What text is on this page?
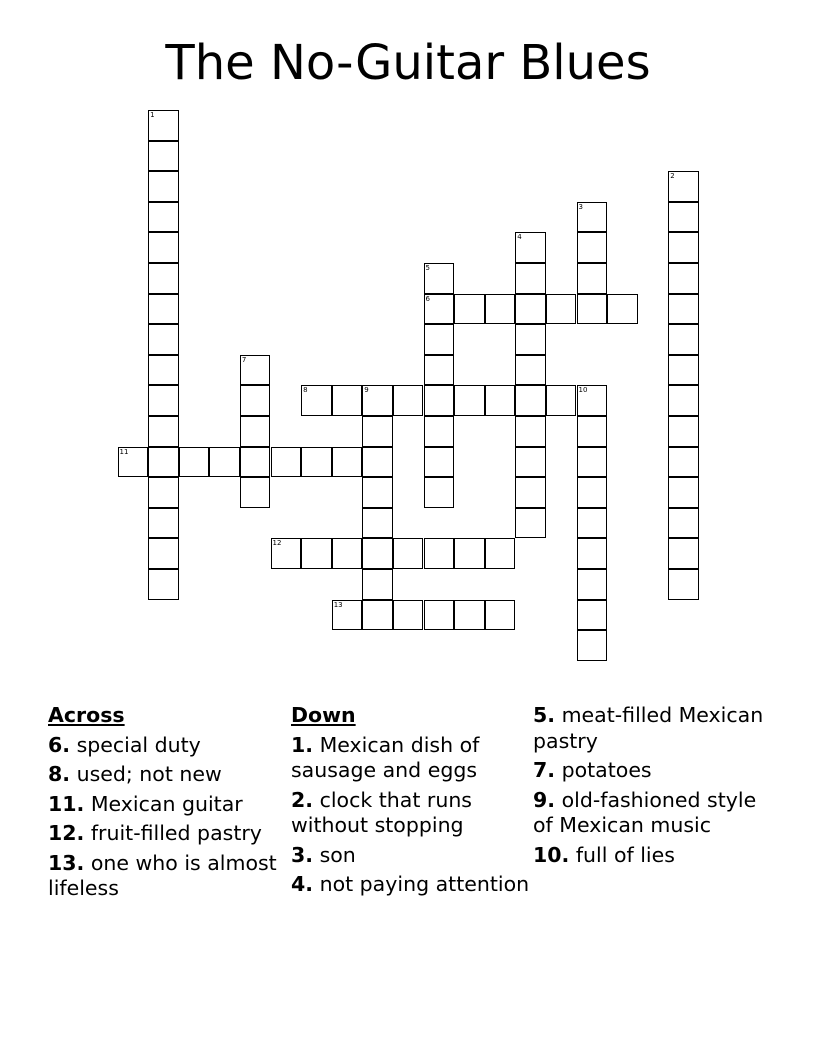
The No-Guitar Blues
1
2
3
4
5
6
7
8	9	10
11
12
13
Across
6. special duty
8. used; not new
11. Mexican guitar
12. fruit-filled pastry
13. one who is almost lifeless
Down
1. Mexican dish of sausage and eggs
2. clock that runs without stopping
3. son
4. not paying attention
5. meat-filled Mexican pastry
7. potatoes
9. old-fashioned style of Mexican music
10. full of lies
